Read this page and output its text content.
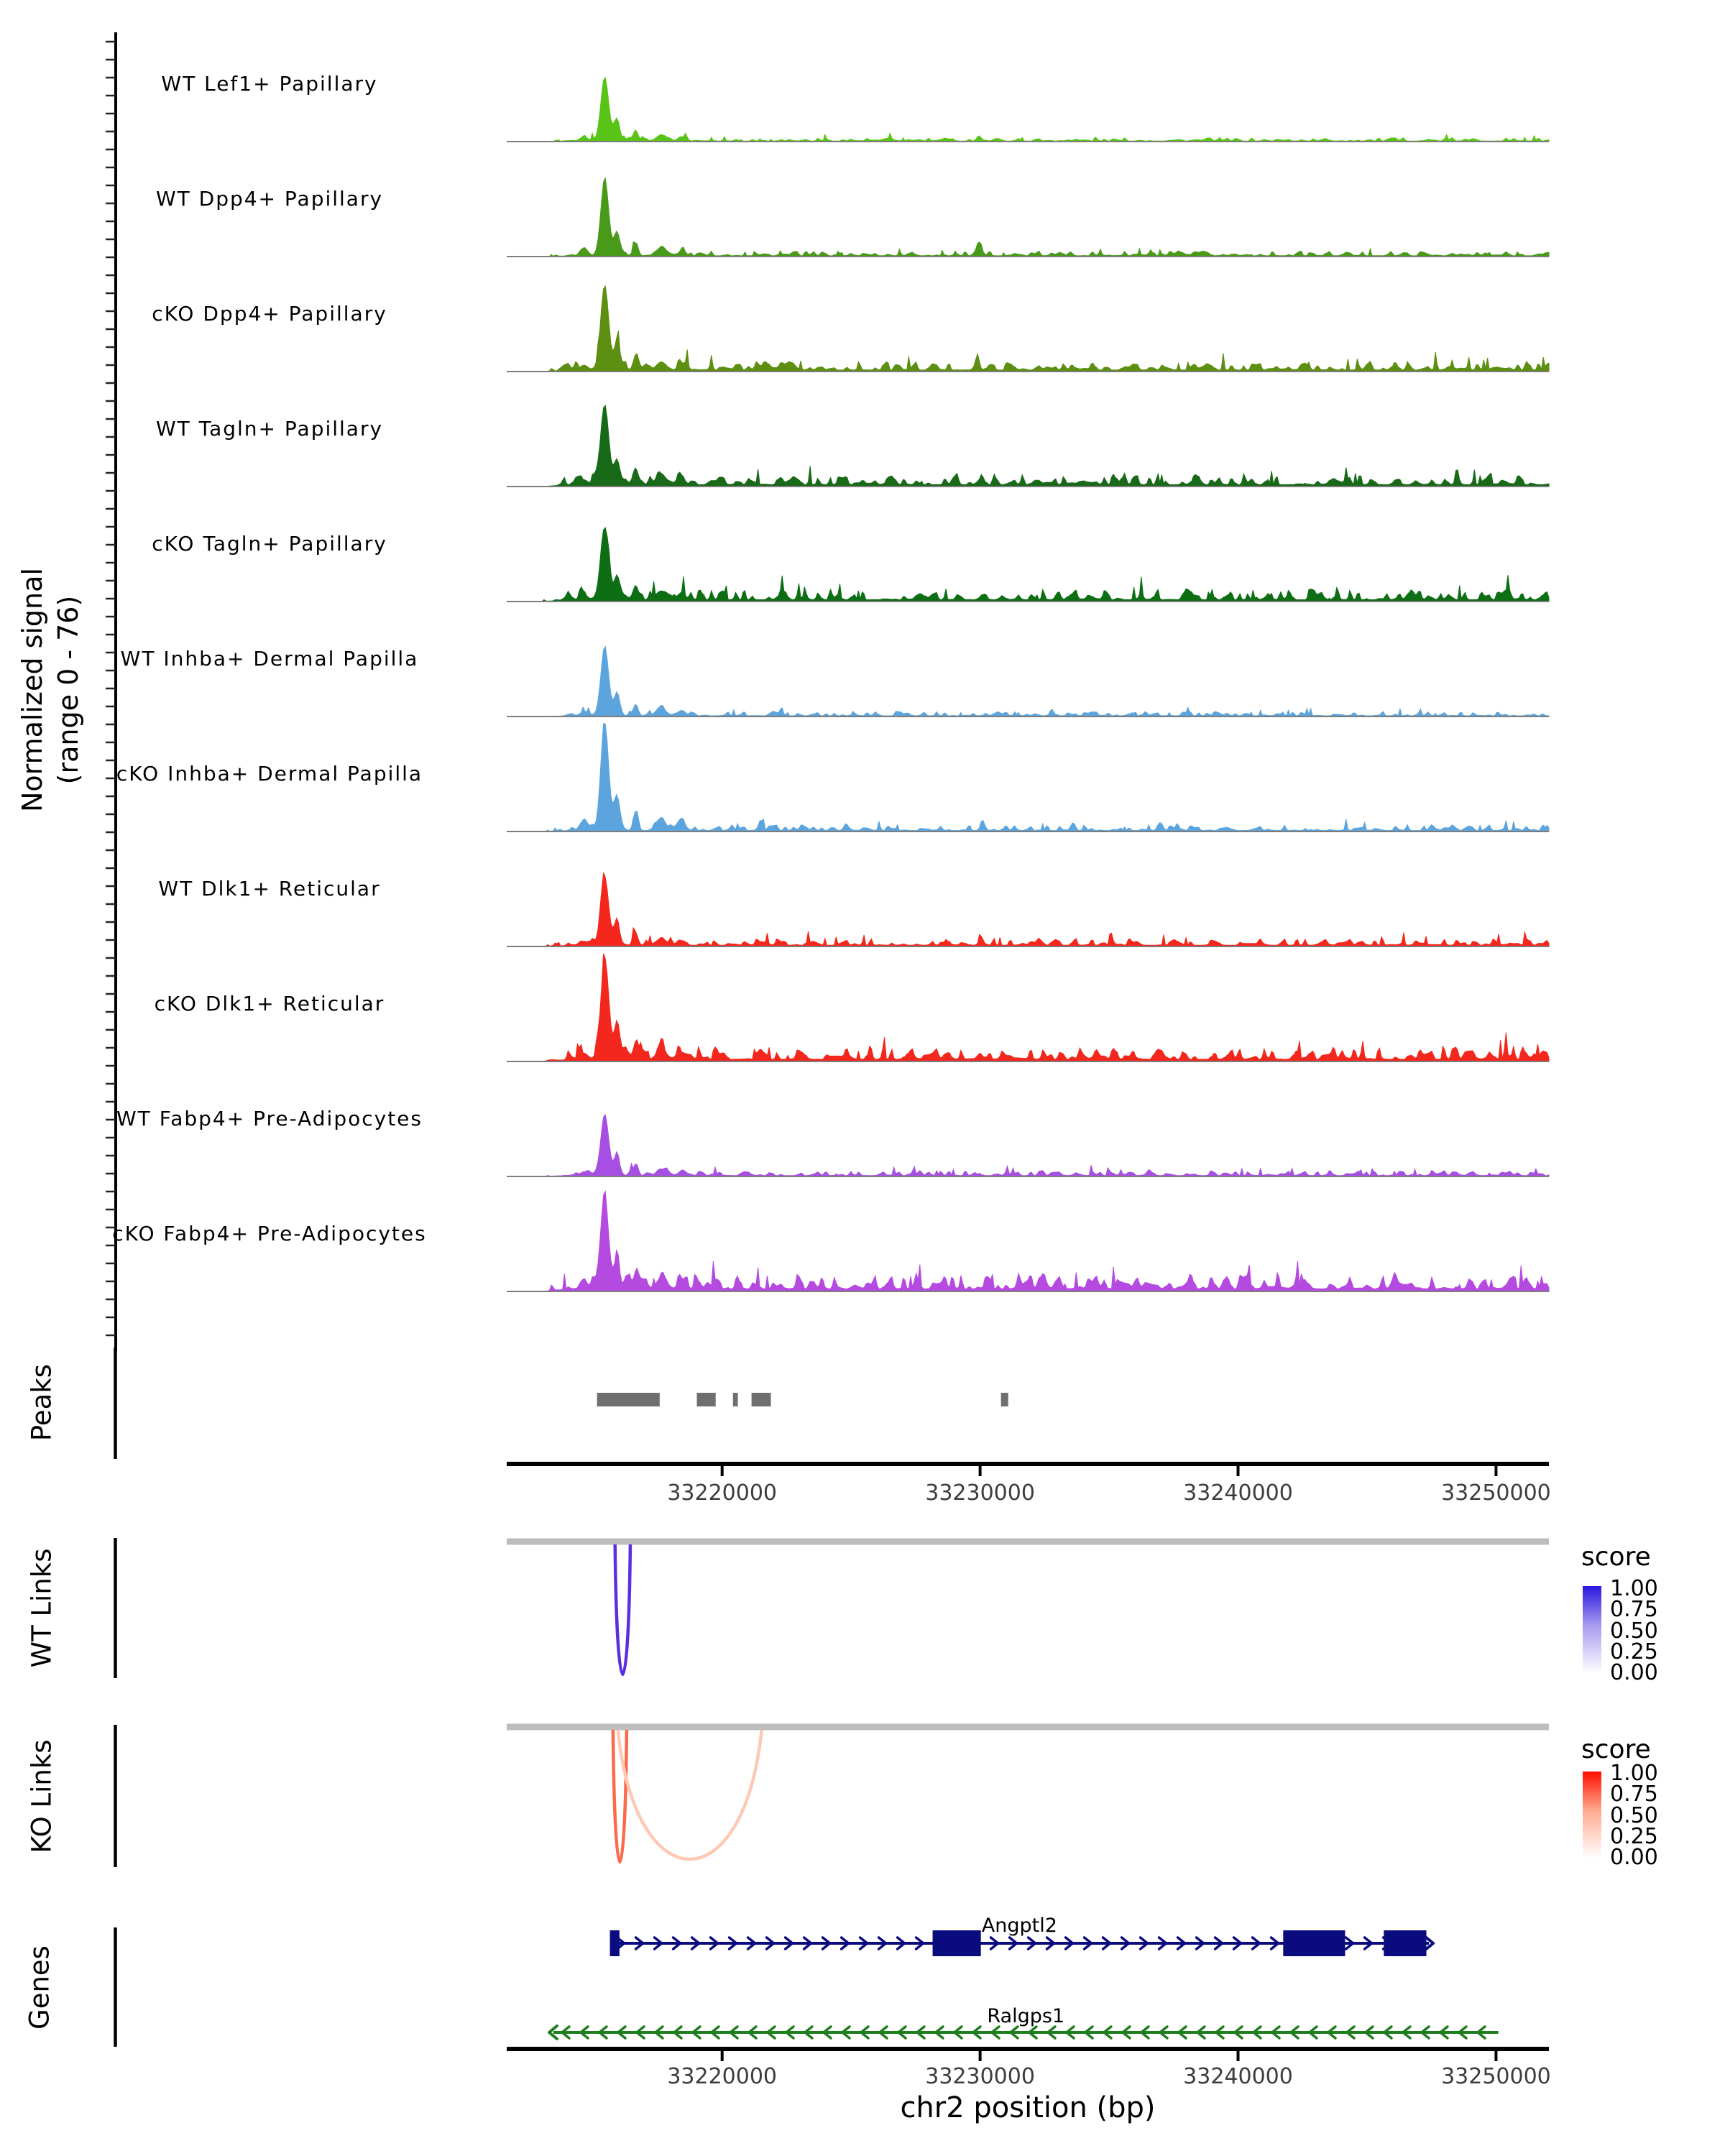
Normalized signal (range 0 - 76)
Peaks
WT Links
KO Links
Genes
WT Lef1+ Papillary
WT Dpp4+ Papillary
cKO Dpp4+ Papillary
WT Tagln+ Papillary
cKO Tagln+ Papillary
WT Inhba+ Dermal Papilla
cKO Inhba+ Dermal Papilla
WT Dlk1+ Reticular
cKO Dlk1+ Reticular
WT Fabp4+ Pre-Adipocytes
cKO Fabp4+ Pre-Adipocytes
33220000	33230000	33240000	33250000
33220000	33230000	33240000	33250000
Angptl2
Ralgps1
score
1.00
0.75
0.50
0.25
0.00
score
1.00
0.75
0.50
0.25
0.00
chr2 position (bp)
